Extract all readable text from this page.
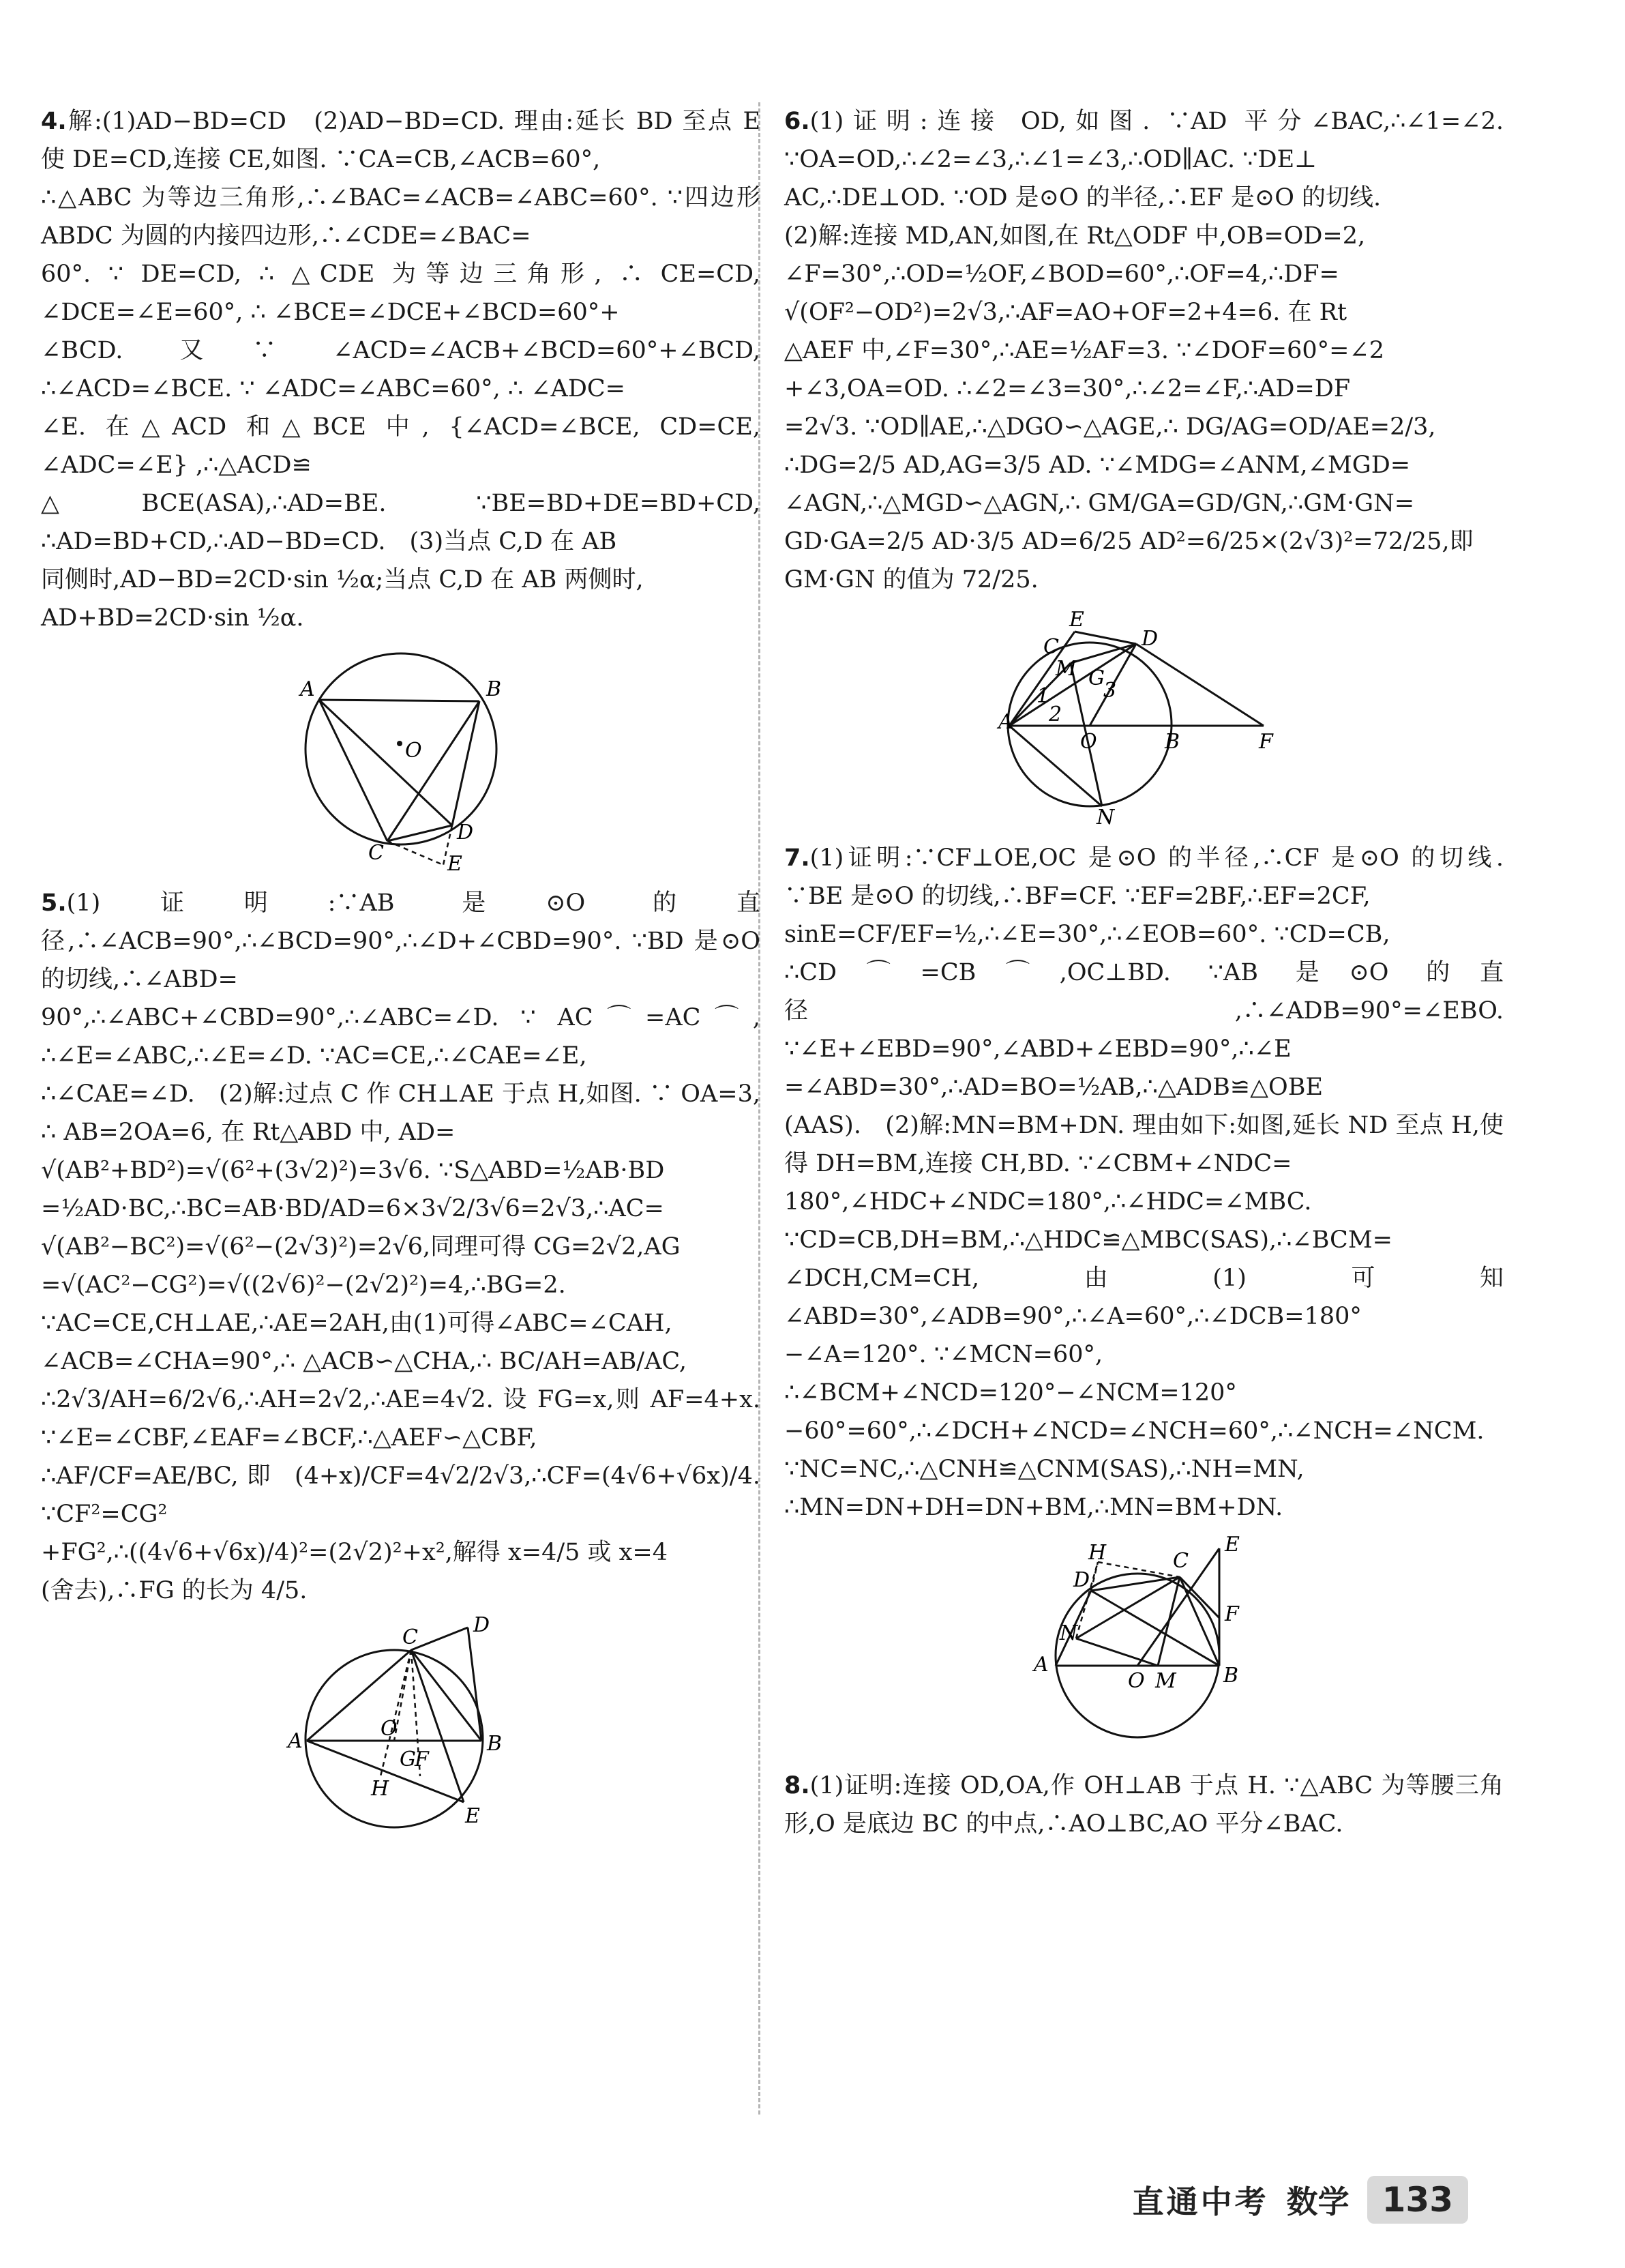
4.解:(1)AD−BD=CD　(2)AD−BD=CD. 理由:延长 BD 至点 E 使 DE=CD,连接 CE,如图. ∵CA=CB,∠ACB=60°,
∴△ABC 为等边三角形,∴∠BAC=∠ACB=∠ABC=60°. ∵四边形 ABDC 为圆的内接四边形,∴∠CDE=∠BAC=
60°. ∵ DE=CD, ∴ △CDE 为等边三角形, ∴ CE=CD, ∠DCE=∠E=60°, ∴ ∠BCE=∠DCE+∠BCD=60°+
∠BCD. 又∵ ∠ACD=∠ACB+∠BCD=60°+∠BCD, ∴∠ACD=∠BCE. ∵ ∠ADC=∠ABC=60°, ∴ ∠ADC=
∠E. 在△ACD 和△BCE 中, {∠ACD=∠BCE, CD=CE, ∠ADC=∠E} ,∴△ACD≌
△BCE(ASA),∴AD=BE. ∵BE=BD+DE=BD+CD, ∴AD=BD+CD,∴AD−BD=CD.　(3)当点 C,D 在 AB
同侧时,AD−BD=2CD·sin ½α;当点 C,D 在 AB 两侧时,
AD+BD=2CD·sin ½α.
A	B
O
C
D
E
5.(1)证明:∵AB 是⊙O 的直径,∴∠ACB=90°,∴∠BCD=90°,∴∠D+∠CBD=90°. ∵BD 是⊙O 的切线,∴∠ABD=
90°,∴∠ABC+∠CBD=90°,∴∠ABC=∠D. ∵ AC⌒=AC⌒, ∴∠E=∠ABC,∴∠E=∠D. ∵AC=CE,∴∠CAE=∠E,
∴∠CAE=∠D.　(2)解:过点 C 作 CH⊥AE 于点 H,如图. ∵ OA=3, ∴ AB=2OA=6, 在 Rt△ABD 中, AD=
√(AB²+BD²)=√(6²+(3√2)²)=3√6. ∵S△ABD=½AB·BD
=½AD·BC,∴BC=AB·BD/AD=6×3√2/3√6=2√3,∴AC=
√(AB²−BC²)=√(6²−(2√3)²)=2√6,同理可得 CG=2√2,AG
=√(AC²−CG²)=√((2√6)²−(2√2)²)=4,∴BG=2. ∵AC=CE,CH⊥AE,∴AE=2AH,由(1)可得∠ABC=∠CAH,
∠ACB=∠CHA=90°,∴ △ACB∽△CHA,∴ BC/AH=AB/AC,
∴2√3/AH=6/2√6,∴AH=2√2,∴AE=4√2. 设 FG=x,则 AF=4+x. ∵∠E=∠CBF,∠EAF=∠BCF,∴△AEF∽△CBF,
∴AF/CF=AE/BC,即 (4+x)/CF=4√2/2√3,∴CF=(4√6+√6x)/4. ∵CF²=CG²
+FG²,∴((4√6+√6x)/4)²=(2√2)²+x²,解得 x=4/5 或 x=4
(舍去),∴FG 的长为 4/5.
C
D
A
O
G
F
B
H
E
6.(1)证明:连接 OD,如图. ∵AD 平分∠BAC,∴∠1=∠2. ∵OA=OD,∴∠2=∠3,∴∠1=∠3,∴OD∥AC. ∵DE⊥
AC,∴DE⊥OD. ∵OD 是⊙O 的半径,∴EF 是⊙O 的切线.
(2)解:连接 MD,AN,如图,在 Rt△ODF 中,OB=OD=2,
∠F=30°,∴OD=½OF,∠BOD=60°,∴OF=4,∴DF=
√(OF²−OD²)=2√3,∴AF=AO+OF=2+4=6. 在 Rt
△AEF 中,∠F=30°,∴AE=½AF=3. ∵∠DOF=60°=∠2
+∠3,OA=OD. ∴∠2=∠3=30°,∴∠2=∠F,∴AD=DF
=2√3. ∵OD∥AE,∴△DGO∽△AGE,∴ DG/AG=OD/AE=2/3,
∴DG=2/5 AD,AG=3/5 AD. ∵∠MDG=∠ANM,∠MGD=
∠AGN,∴△MGD∽△AGN,∴ GM/GA=GD/GN,∴GM·GN=
GD·GA=2/5 AD·3/5 AD=6/25 AD²=6/25×(2√3)²=72/25,即
GM·GN 的值为 72/25.
E
C	D
M
1
2
3
G
A
O	B	F
N
7.(1)证明:∵CF⊥OE,OC 是⊙O 的半径,∴CF 是⊙O 的切线. ∵BE 是⊙O 的切线,∴BF=CF. ∵EF=2BF,∴EF=2CF,
sinE=CF/EF=½,∴∠E=30°,∴∠EOB=60°. ∵CD=CB,
∴CD⌒=CB⌒,OC⊥BD. ∵AB 是⊙O 的直径,∴∠ADB=90°=∠EBO. ∵∠E+∠EBD=90°,∠ABD+∠EBD=90°,∴∠E
=∠ABD=30°,∴AD=BO=½AB,∴△ADB≌△OBE
(AAS).　(2)解:MN=BM+DN. 理由如下:如图,延长 ND 至点 H,使得 DH=BM,连接 CH,BD. ∵∠CBM+∠NDC=
180°,∠HDC+∠NDC=180°,∴∠HDC=∠MBC. ∵CD=CB,DH=BM,∴△HDC≌△MBC(SAS),∴∠BCM=
∠DCH,CM=CH,由(1)可知∠ABD=30°,∠ADB=90°,∴∠A=60°,∴∠DCB=180°−∠A=120°. ∵∠MCN=60°,
∴∠BCM+∠NCD=120°−∠NCM=120°−60°=60°,∴∠DCH+∠NCD=∠NCH=60°,∴∠NCH=∠NCM.
∵NC=NC,∴△CNH≌△CNM(SAS),∴NH=MN,
∴MN=DN+DH=DN+BM,∴MN=BM+DN.
H
D
C
E
F
N
A
O M B
8.(1)证明:连接 OD,OA,作 OH⊥AB 于点 H. ∵△ABC 为等腰三角形,O 是底边 BC 的中点,∴AO⊥BC,AO 平分∠BAC.
直通中考 数学 133
